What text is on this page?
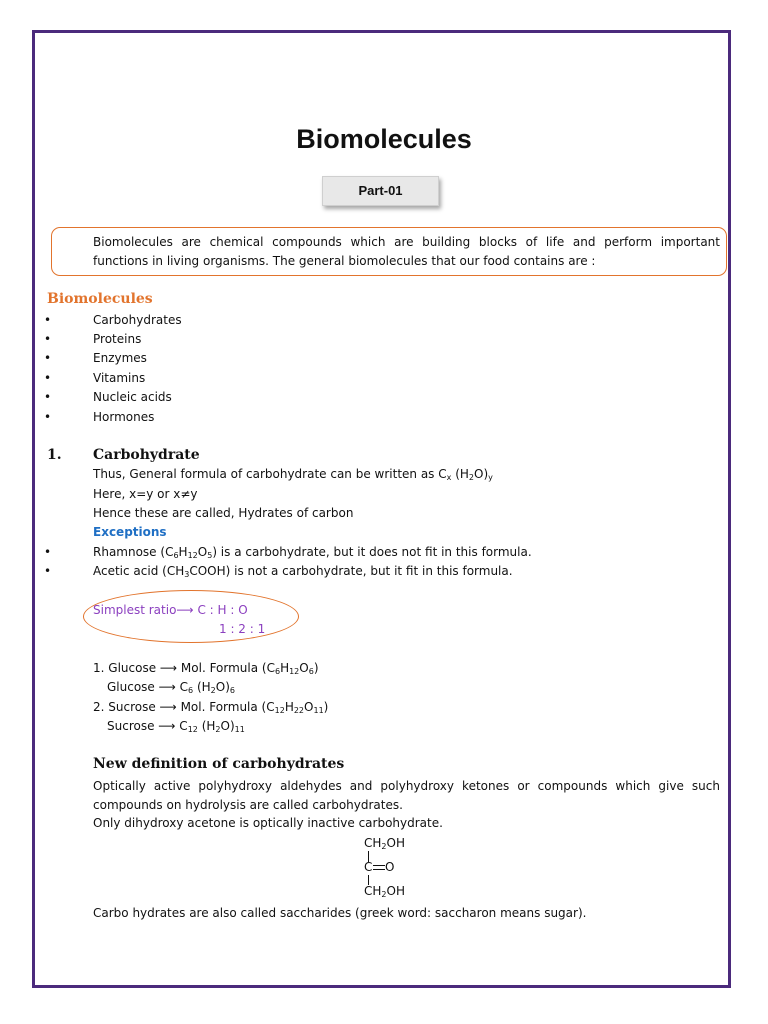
Biomolecules
Part-01
Biomolecules are chemical compounds which are building blocks of life and perform important functions in living organisms. The general biomolecules that our food contains are :
Biomolecules
•	Carbohydrates
•	Proteins
•	Enzymes
•	Vitamins
•	Nucleic acids
•	Hormones
1. Carbohydrate
Thus, General formula of carbohydrate can be written as $C_x$ $(H_2O)_y$
Here, x=y or x≠y
Hence these are called, Hydrates of carbon
Exceptions
•	Rhamnose $(C_6H_{12}O_5)$ is a carbohydrate, but it does not fit in this formula.
•	Acetic acid $(CH_3COOH)$ is not a carbohydrate, but it fit in this formula.
Simplest ratio⟶ C : H : O
1 : 2 : 1
1. Glucose ⟶ Mol. Formula $(C_6H_{12}O_6)$
Glucose ⟶ $C_6$ $(H_2O)_6$
2. Sucrose ⟶ Mol. Formula $(C_{12}H_{22}O_{11})$
Sucrose ⟶ $C_{12}$ $(H_2O)_{11}$
New definition of carbohydrates
Optically active polyhydroxy aldehydes and polyhydroxy ketones or compounds which give such compounds on hydrolysis are called carbohydrates.
Only dihydroxy acetone is optically inactive carbohydrate.
$CH_2OH$
C O
$CH_2OH$
Carbo hydrates are also called saccharides (greek word: saccharon means sugar).
